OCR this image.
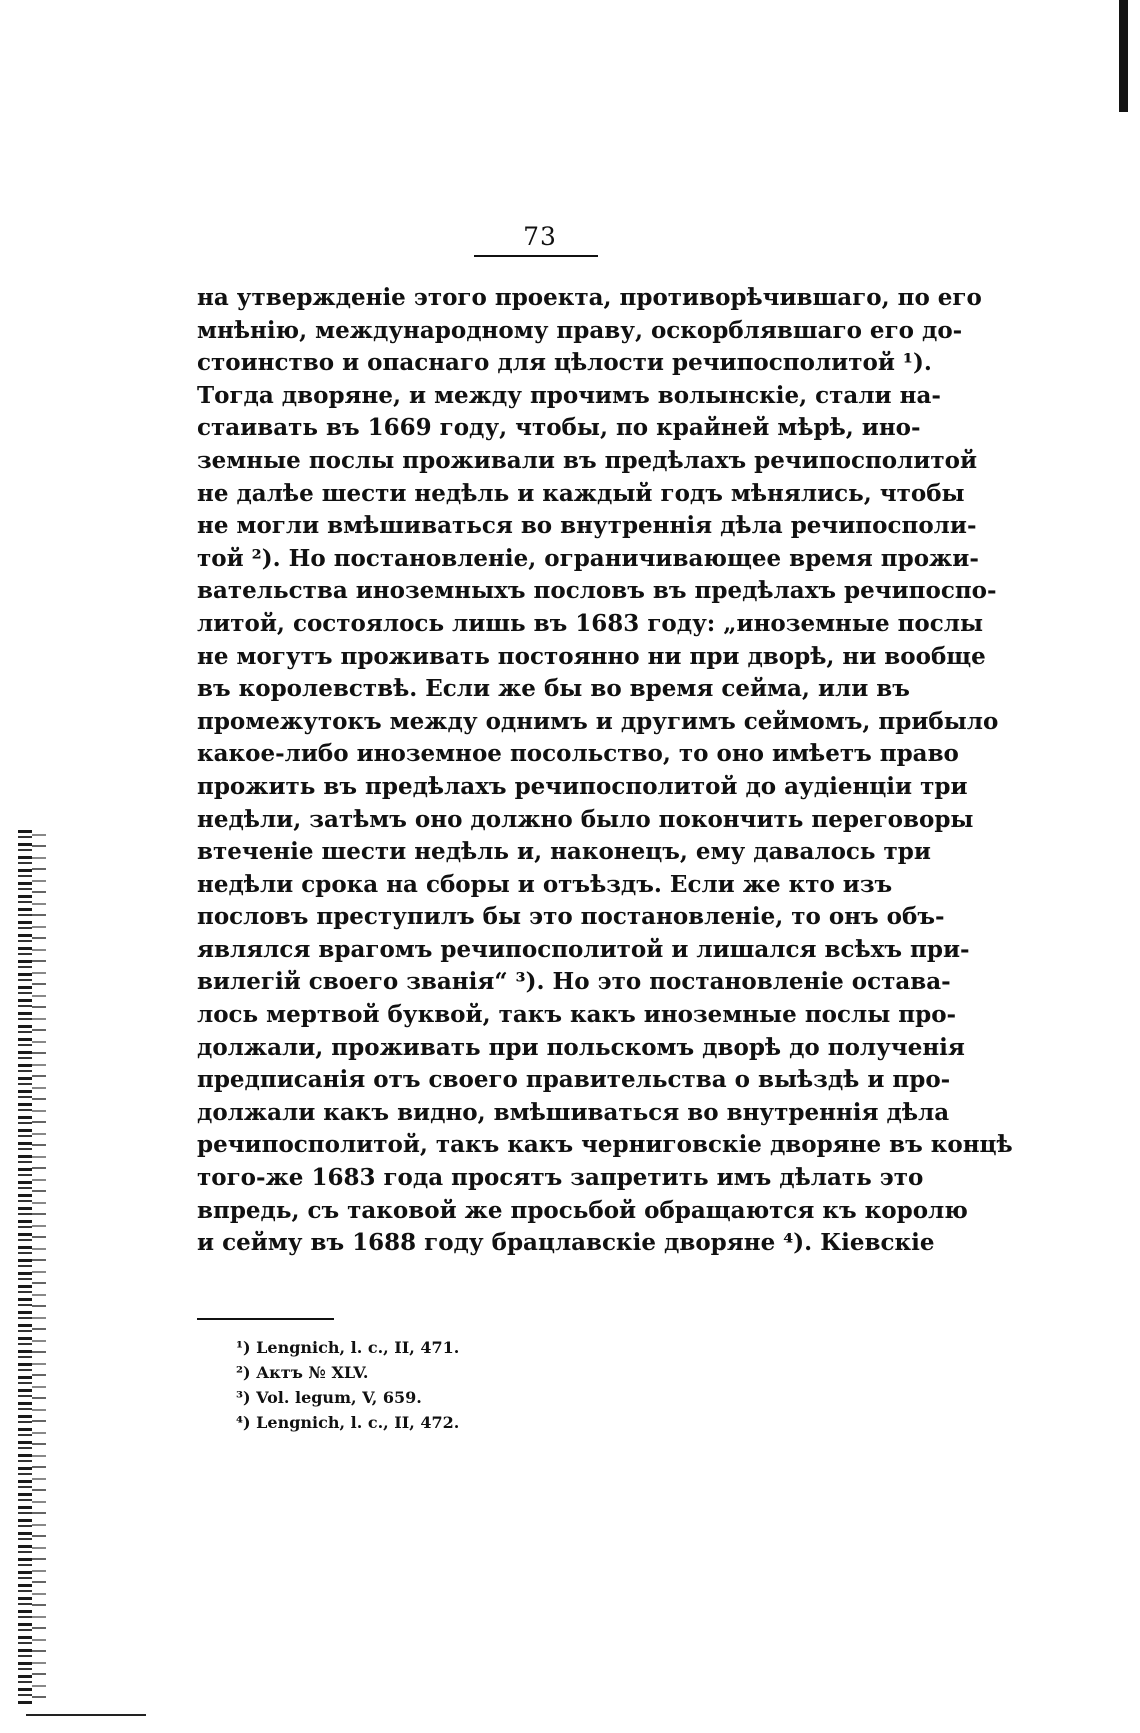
73
на утвержденіе этого проекта, противорѣчившаго, по его
мнѣнію, международному праву, оскорблявшаго его до-
стоинство и опаснаго для цѣлости речипосполитой ¹).
Тогда дворяне, и между прочимъ волынскіе, стали на-
стаивать въ 1669 году, чтобы, по крайней мѣрѣ, ино-
земные послы проживали въ предѣлахъ речипосполитой
не далѣе шести недѣль и каждый годъ мѣнялись, чтобы
не могли вмѣшиваться во внутреннія дѣла речипосполи-
той ²). Но постановленіе, ограничивающее время прожи-
вательства иноземныхъ пословъ въ предѣлахъ речипоспо-
литой, состоялось лишь въ 1683 году: „иноземные послы
не могутъ проживать постоянно ни при дворѣ, ни вообще
въ королевствѣ. Если же бы во время сейма, или въ
промежутокъ между однимъ и другимъ сеймомъ, прибыло
какое-либо иноземное посольство, то оно имѣетъ право
прожить въ предѣлахъ речипосполитой до аудіенціи три
недѣли, затѣмъ оно должно было покончить переговоры
втеченіе шести недѣль и, наконецъ, ему давалось три
недѣли срока на сборы и отъѣздъ. Если же кто изъ
пословъ преступилъ бы это постановленіе, то онъ объ-
являлся врагомъ речипосполитой и лишался всѣхъ при-
вилегій своего званія“ ³). Но это постановленіе остава-
лось мертвой буквой, такъ какъ иноземные послы про-
должали, проживать при польскомъ дворѣ до полученія
предписанія отъ своего правительства о выѣздѣ и про-
должали какъ видно, вмѣшиваться во внутреннія дѣла
речипосполитой, такъ какъ черниговскіе дворяне въ концѣ
того-же 1683 года просятъ запретить имъ дѣлать это
впредь, съ таковой же просьбой обращаются къ королю
и сейму въ 1688 году брацлавскіе дворяне ⁴). Кіевскіе
¹) Lengnich, l. c., II, 471.
²) Актъ № XLV.
³) Vol. legum, V, 659.
⁴) Lengnich, l. c., II, 472.
